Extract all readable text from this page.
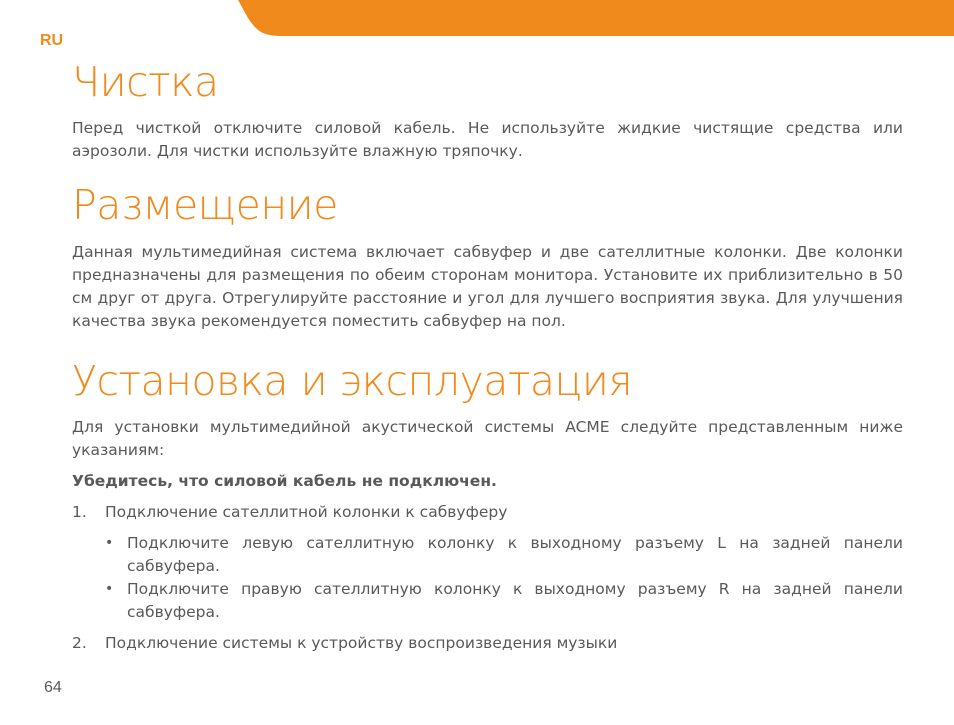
RU
Чистка

Перед чисткой отключите силовой кабель. Не используйте жидкие чистящие средства или аэрозоли. Для чистки используйте влажную тряпочку.

Размещение

Данная мультимедийная система включает сабвуфер и две сателлитные колонки. Две колонки предназначены для размещения по обеим сторонам монитора. Установите их приблизительно в 50 см друг от друга. Отрегулируйте расстояние и угол для лучшего восприятия звука. Для улучшения качества звука рекомендуется поместить сабвуфер на пол.

Установка и эксплуатация

Для установки мультимедийной акустической системы ACME следуйте представленным ниже указаниям:

Убедитесь, что силовой кабель не подключен.
1. Подключение сателлитной колонки к сабвуферу
• Подключите левую сателлитную колонку к выходному разъему L на задней панели сабвуфера.
• Подключите правую сателлитную колонку к выходному разъему R на задней панели сабвуфера.
2. Подключение системы к устройству воспроизведения музыки
64
